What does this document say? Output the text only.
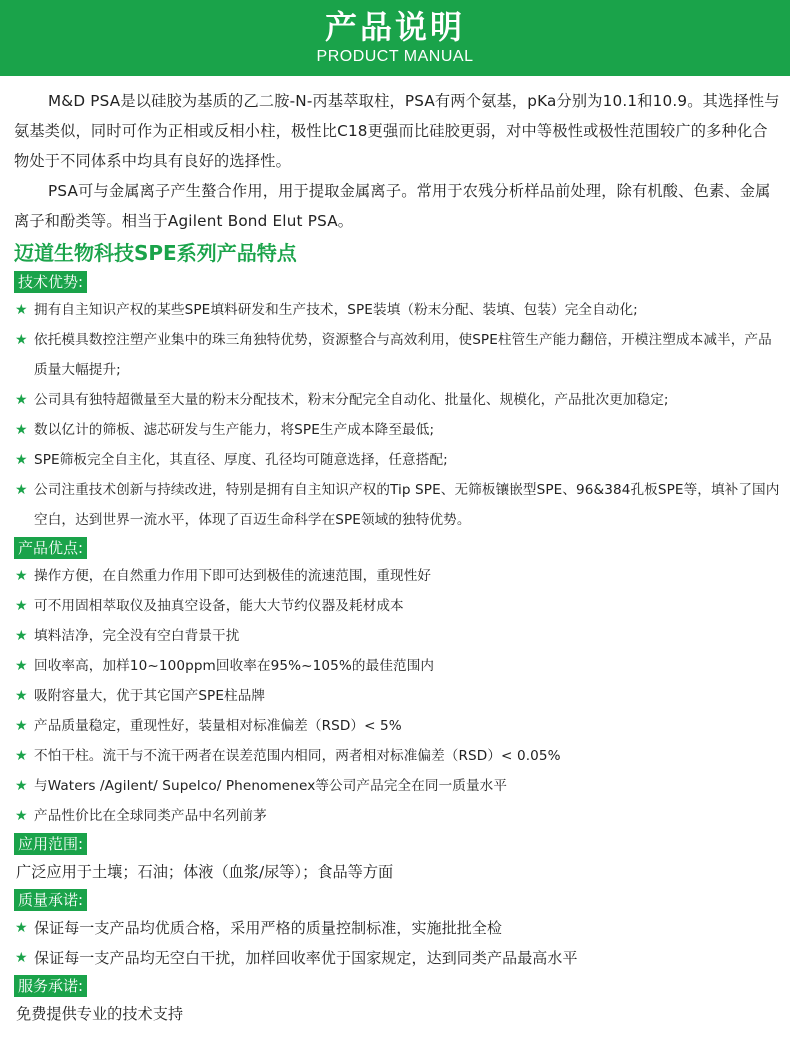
产品说明
PRODUCT MANUAL

M&D PSA是以硅胶为基质的乙二胺-N-丙基萃取柱，PSA有两个氨基，pKa分别为10.1和10.9。其选择性与氨基类似，同时可作为正相或反相小柱，极性比C18更强而比硅胶更弱，对中等极性或极性范围较广的多种化合物处于不同体系中均具有良好的选择性。

PSA可与金属离子产生螯合作用，用于提取金属离子。常用于农残分析样品前处理，除有机酸、色素、金属离子和酚类等。相当于Agilent Bond Elut PSA。

迈道生物科技SPE系列产品特点
技术优势:
★ 拥有自主知识产权的某些SPE填料研发和生产技术，SPE装填（粉末分配、装填、包装）完全自动化;
★ 依托模具数控注塑产业集中的珠三角独特优势，资源整合与高效利用，使SPE柱管生产能力翻倍，开模注塑成本减半，产品质量大幅提升;
★ 公司具有独特超微量至大量的粉末分配技术，粉末分配完全自动化、批量化、规模化，产品批次更加稳定;
★ 数以亿计的筛板、滤芯研发与生产能力，将SPE生产成本降至最低;
★ SPE筛板完全自主化，其直径、厚度、孔径均可随意选择，任意搭配;
★ 公司注重技术创新与持续改进，特别是拥有自主知识产权的Tip SPE、无筛板镶嵌型SPE、96&384孔板SPE等，填补了国内空白，达到世界一流水平，体现了百迈生命科学在SPE领域的独特优势。
产品优点:
★ 操作方便，在自然重力作用下即可达到极佳的流速范围，重现性好
★ 可不用固相萃取仪及抽真空设备，能大大节约仪器及耗材成本
★ 填料洁净，完全没有空白背景干扰
★ 回收率高，加样10~100ppm回收率在95%~105%的最佳范围内
★ 吸附容量大，优于其它国产SPE柱品牌
★ 产品质量稳定，重现性好，装量相对标准偏差（RSD）< 5%
★ 不怕干柱。流干与不流干两者在误差范围内相同，两者相对标准偏差（RSD）< 0.05%
★ 与Waters /Agilent/ Supelco/ Phenomenex等公司产品完全在同一质量水平
★ 产品性价比在全球同类产品中名列前茅
应用范围:

广泛应用于土壤；石油；体液（血浆/尿等）；食品等方面

质量承诺:
★ 保证每一支产品均优质合格，采用严格的质量控制标准，实施批批全检
★ 保证每一支产品均无空白干扰，加样回收率优于国家规定，达到同类产品最高水平
服务承诺:

免费提供专业的技术支持
